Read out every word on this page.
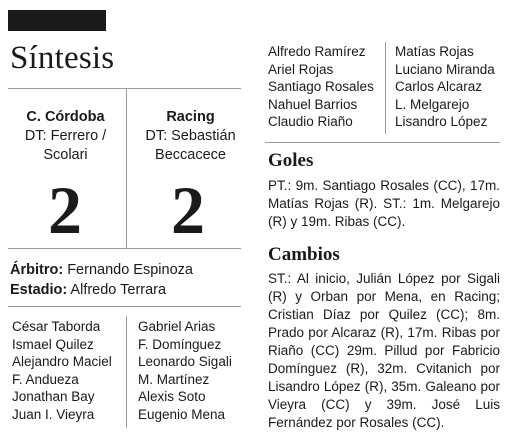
Síntesis
C. Córdoba
DT: Ferrero / Scolari
Racing
DT: Sebastián Beccacece
2 2
Árbitro: Fernando Espinoza
Estadio: Alfredo Terrara
César Taborda
Ismael Quilez
Alejandro Maciel
F. Andueza
Jonathan Bay
Juan I. Vieyra
Gabriel Arias
F. Domínguez
Leonardo Sigali
M. Martínez
Alexis Soto
Eugenio Mena
Alfredo Ramírez
Ariel Rojas
Santiago Rosales
Nahuel Barrios
Claudio Riaño
Matías Rojas
Luciano Miranda
Carlos Alcaraz
L. Melgarejo
Lisandro López
Goles
PT.: 9m. Santiago Rosales (CC), 17m. Matías Rojas (R). ST.: 1m. Melgarejo (R) y 19m. Ribas (CC).
Cambios
ST.: Al inicio, Julián López por Sigali (R) y Orban por Mena, en Racing; Cristian Díaz por Quilez (CC); 8m. Prado por Alcaraz (R), 17m. Ribas por Riaño (CC) 29m. Pillud por Fabricio Domínguez (R), 32m. Cvitanich por Lisandro López (R), 35m. Galeano por Vieyra (CC) y 39m. José Luis Fernández por Rosales (CC).
